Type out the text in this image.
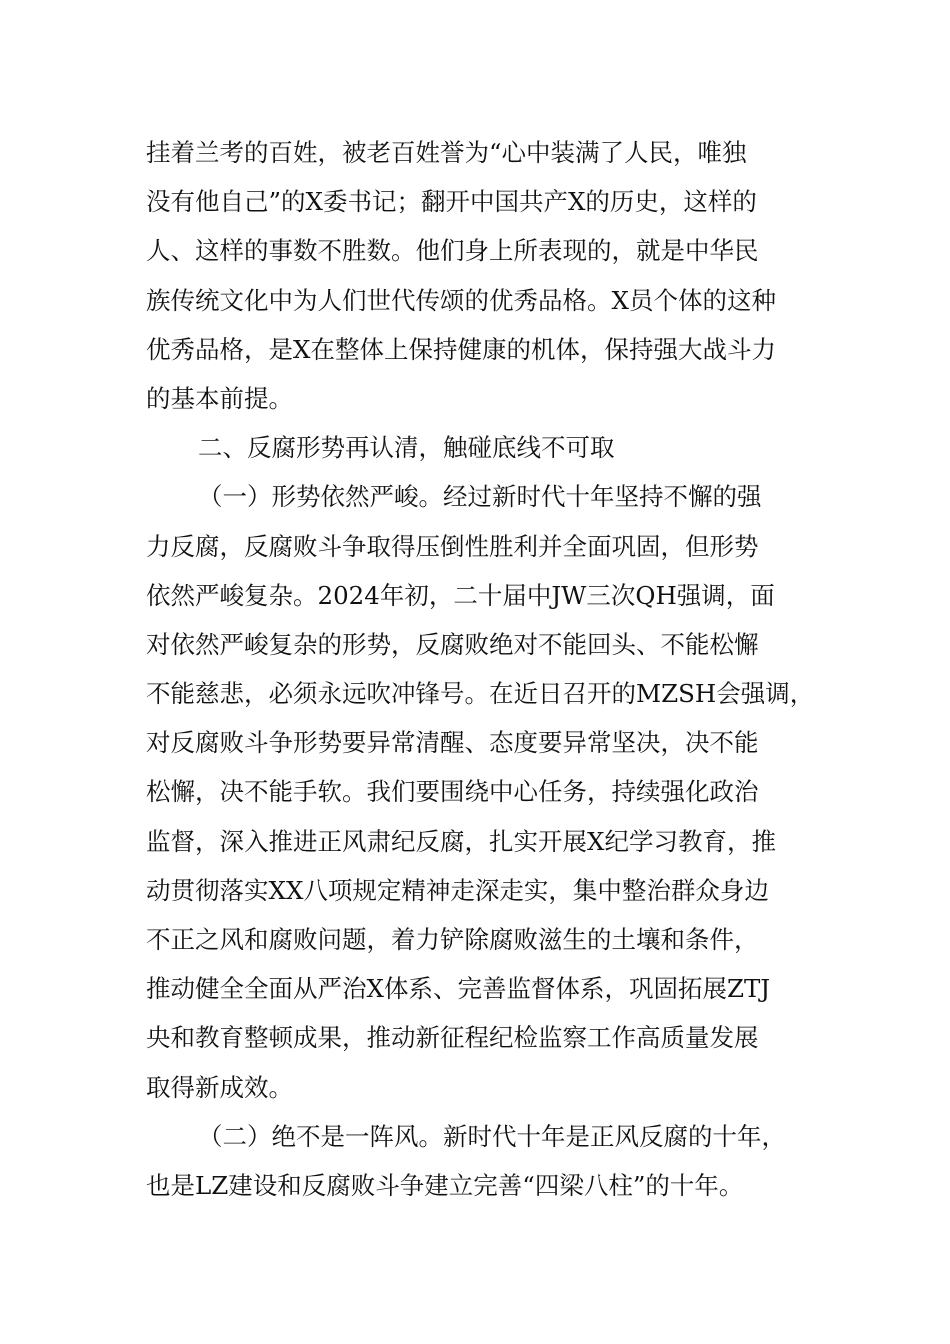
挂着兰考的百姓，被老百姓誉为“心中装满了人民，唯独
没有他自己”的X委书记；翻开中国共产X的历史，这样的
人、这样的事数不胜数。他们身上所表现的，就是中华民
族传统文化中为人们世代传颂的优秀品格。X员个体的这种
优秀品格，是X在整体上保持健康的机体，保持强大战斗力
的基本前提。
二、反腐形势再认清，触碰底线不可取
（一）形势依然严峻。经过新时代十年坚持不懈的强
力反腐，反腐败斗争取得压倒性胜利并全面巩固，但形势
依然严峻复杂。2024年初，二十届中JW三次QH强调，面
对依然严峻复杂的形势，反腐败绝对不能回头、不能松懈
不能慈悲，必须永远吹冲锋号。在近日召开的MZSH会强调，
对反腐败斗争形势要异常清醒、态度要异常坚决，决不能
松懈，决不能手软。我们要围绕中心任务，持续强化政治
监督，深入推进正风肃纪反腐，扎实开展X纪学习教育，推
动贯彻落实XX八项规定精神走深走实，集中整治群众身边
不正之风和腐败问题，着力铲除腐败滋生的土壤和条件，
推动健全全面从严治X体系、完善监督体系，巩固拓展ZTJ
央和教育整顿成果，推动新征程纪检监察工作高质量发展
取得新成效。
（二）绝不是一阵风。新时代十年是正风反腐的十年，
也是LZ建设和反腐败斗争建立完善“四梁八柱”的十年。
